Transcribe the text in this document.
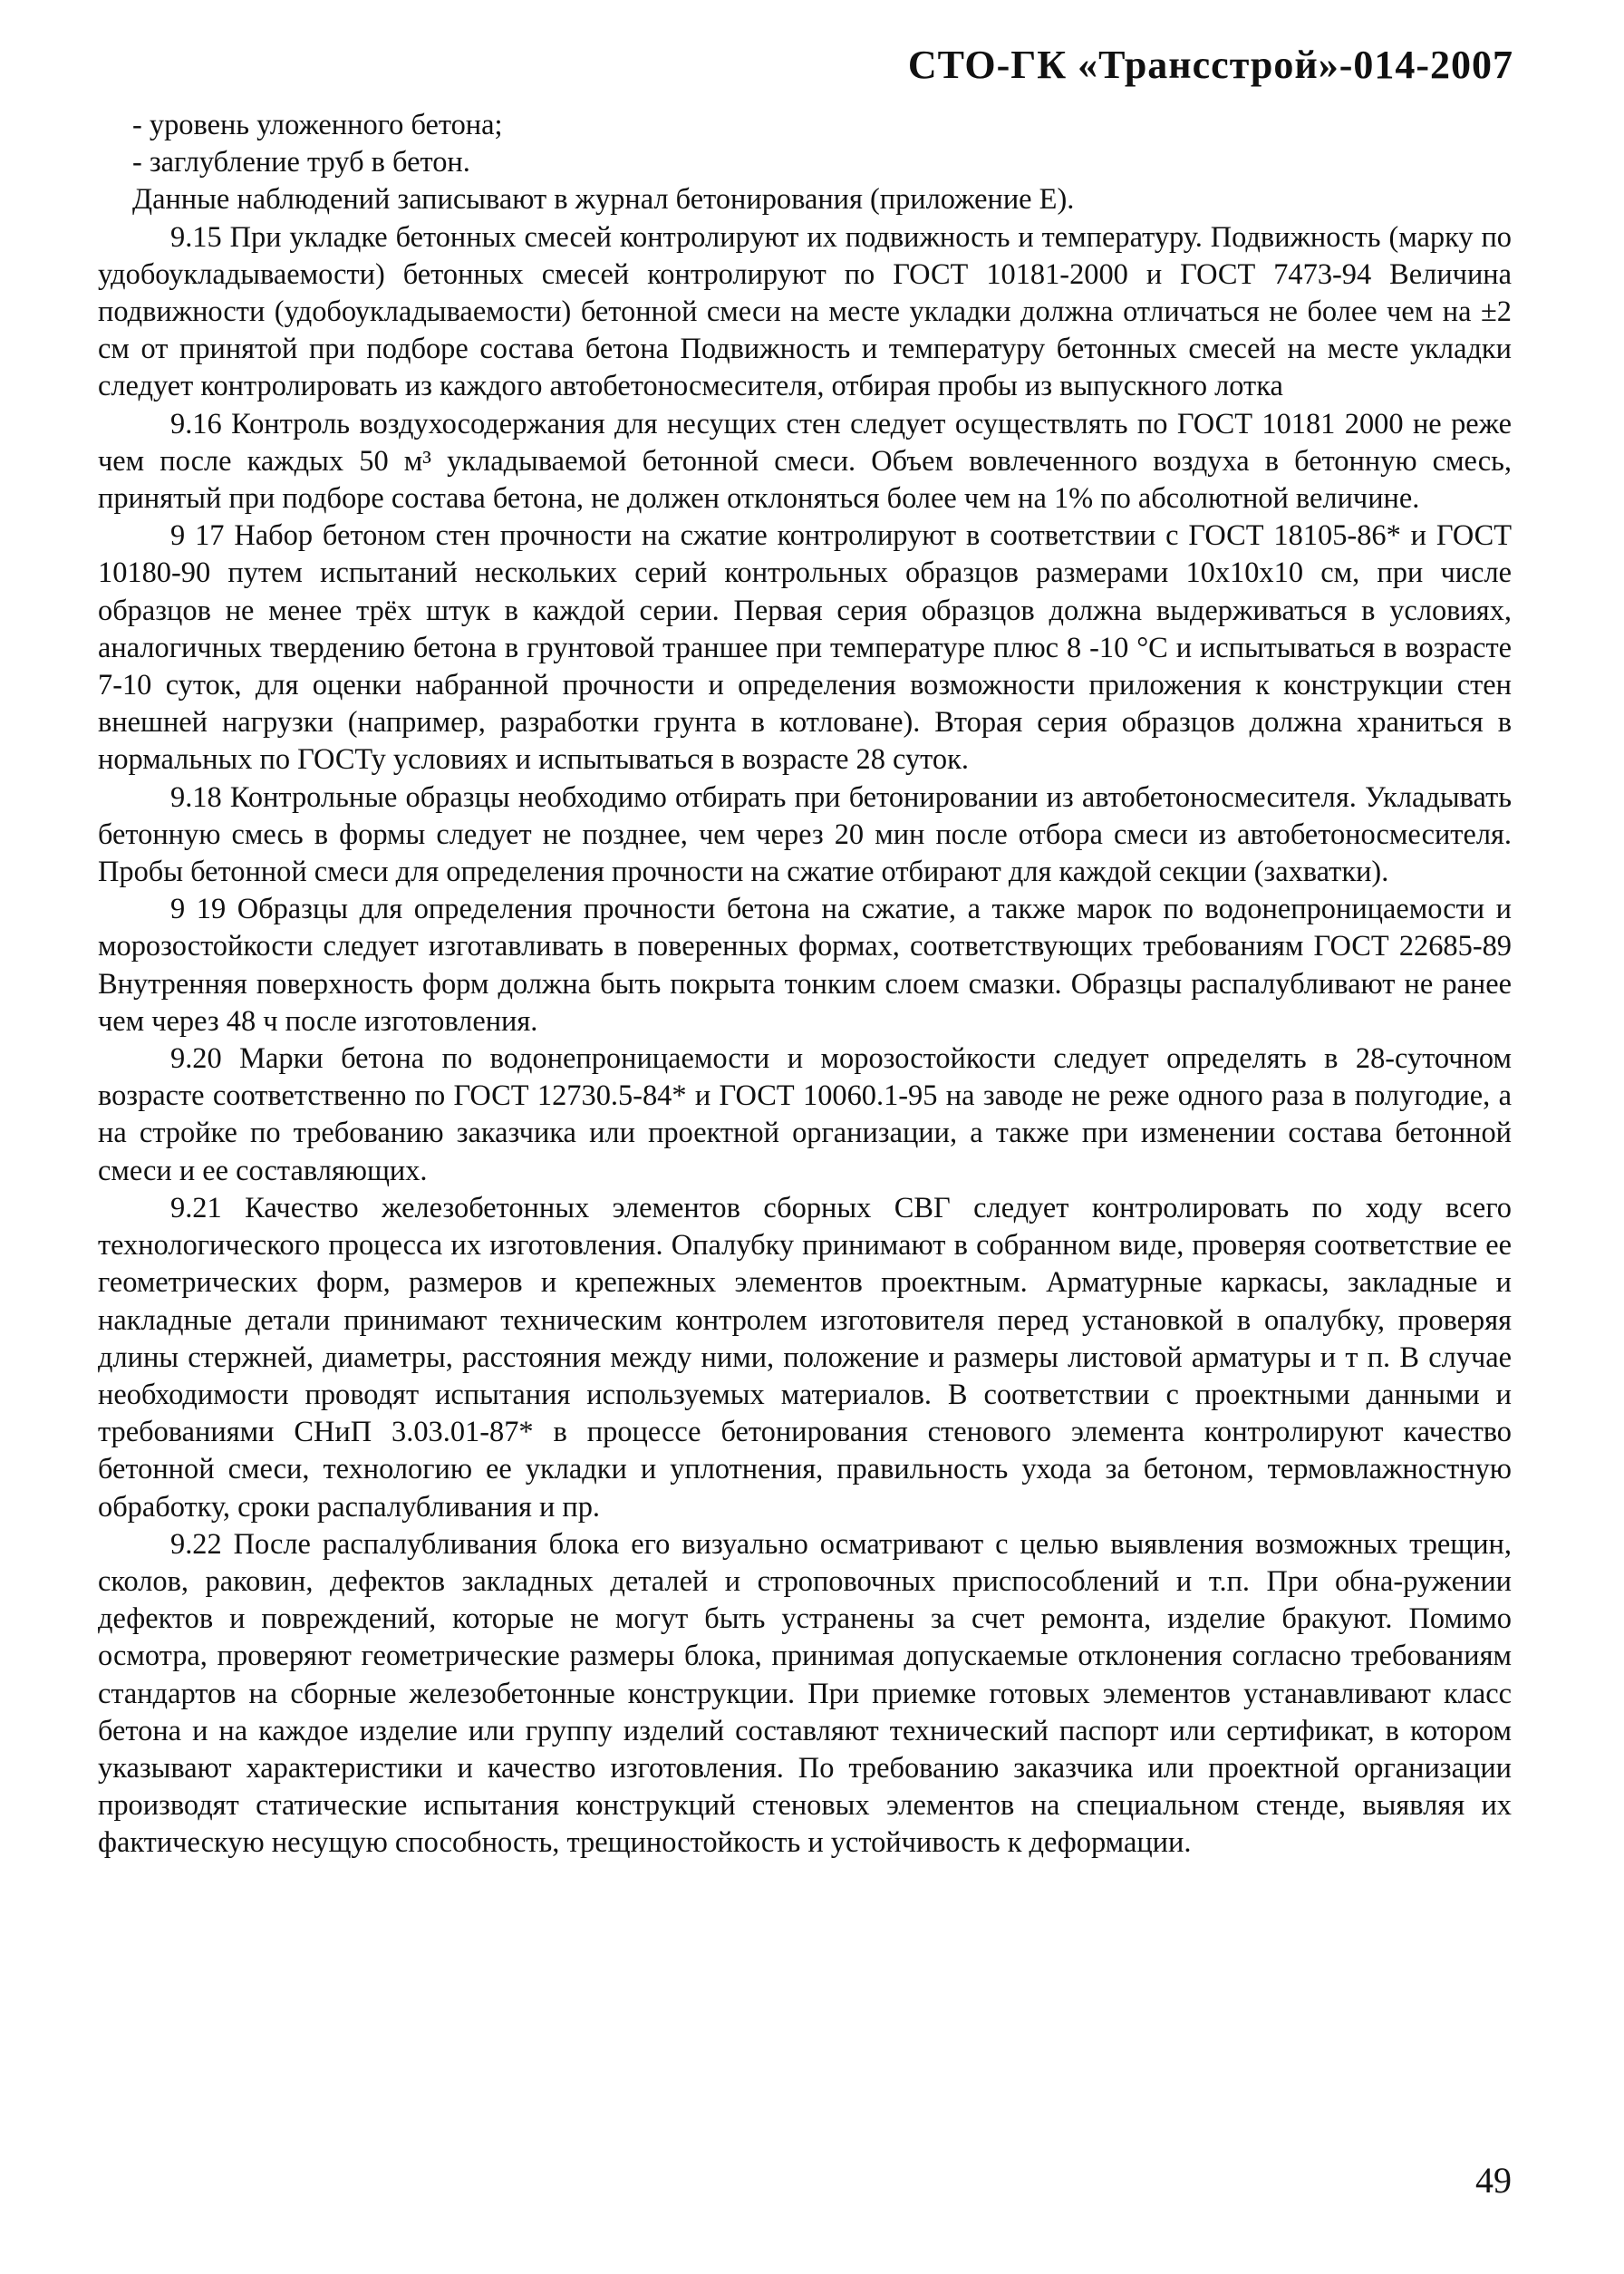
СТО-ГК «Трансстрой»-014-2007

- уровень уложенного бетона;

- заглубление труб в бетон.

Данные наблюдений записывают в журнал бетонирования (приложение Е).

9.15 При укладке бетонных смесей контролируют их подвижность и температуру. Подвижность (марку по удобоукладываемости) бетонных смесей контролируют по ГОСТ 10181-2000 и ГОСТ 7473-94 Величина подвижности (удобоукладываемости) бетонной смеси на месте укладки должна отличаться не более чем на ±2 см от принятой при подборе состава бетона Подвижность и температуру бетонных смесей на месте укладки следует контролировать из каждого автобетоносмесителя, отбирая пробы из выпускного лотка

9.16 Контроль воздухосодержания для несущих стен следует осуществлять по ГОСТ 10181 2000 не реже чем после каждых 50 м³ укладываемой бетонной смеси. Объем вовлеченного воздуха в бетонную смесь, принятый при подборе состава бетона, не должен отклоняться более чем на 1% по абсолютной величине.

9 17 Набор бетоном стен прочности на сжатие контролируют в соответствии с ГОСТ 18105-86* и ГОСТ 10180-90 путем испытаний нескольких серий контрольных образцов размерами 10x10x10 см, при числе образцов не менее трёх штук в каждой серии. Первая серия образцов должна выдерживаться в условиях, аналогичных твердению бетона в грунтовой траншее при температуре плюс 8 -10 °С и испытываться в возрасте 7-10 суток, для оценки набранной прочности и определения возможности приложения к конструкции стен внешней нагрузки (например, разработки грунта в котловане). Вторая серия образцов должна храниться в нормальных по ГОСТу условиях и испытываться в возрасте 28 суток.

9.18 Контрольные образцы необходимо отбирать при бетонировании из автобетоносмесителя. Укладывать бетонную смесь в формы следует не позднее, чем через 20 мин после отбора смеси из автобетоносмесителя. Пробы бетонной смеси для определения прочности на сжатие отбирают для каждой секции (захватки).

9 19 Образцы для определения прочности бетона на сжатие, а также марок по водонепроницаемости и морозостойкости следует изготавливать в поверенных формах, соответствующих требованиям ГОСТ 22685-89 Внутренняя поверхность форм должна быть покрыта тонким слоем смазки. Образцы распалубливают не ранее чем через 48 ч после изготовления.

9.20 Марки бетона по водонепроницаемости и морозостойкости следует определять в 28-суточном возрасте соответственно по ГОСТ 12730.5-84* и ГОСТ 10060.1-95 на заводе не реже одного раза в полугодие, а на стройке по требованию заказчика или проектной организации, а также при изменении состава бетонной смеси и ее составляющих.

9.21 Качество железобетонных элементов сборных СВГ следует контролировать по ходу всего технологического процесса их изготовления. Опалубку принимают в собранном виде, проверяя соответствие ее геометрических форм, размеров и крепежных элементов проектным. Арматурные каркасы, закладные и накладные детали принимают техническим контролем изготовителя перед установкой в опалубку, проверяя длины стержней, диаметры, расстояния между ними, положение и размеры листовой арматуры и т п. В случае необходимости проводят испытания используемых материалов. В соответствии с проектными данными и требованиями СНиП 3.03.01-87* в процессе бетонирования стенового элемента контролируют качество бетонной смеси, технологию ее укладки и уплотнения, правильность ухода за бетоном, термовлажностную обработку, сроки распалубливания и пр.

9.22 После распалубливания блока его визуально осматривают с целью выявления возможных трещин, сколов, раковин, дефектов закладных деталей и строповочных приспособлений и т.п. При обна-ружении дефектов и повреждений, которые не могут быть устранены за счет ремонта, изделие бракуют. Помимо осмотра, проверяют геометрические размеры блока, принимая допускаемые отклонения согласно требованиям стандартов на сборные железобетонные конструкции. При приемке готовых элементов устанавливают класс бетона и на каждое изделие или группу изделий составляют технический паспорт или сертификат, в котором указывают характеристики и качество изготовления. По требованию заказчика или проектной организации производят статические испытания конструкций стеновых элементов на специальном стенде, выявляя их фактическую несущую способность, трещиностойкость и устойчивость к деформации.

49
